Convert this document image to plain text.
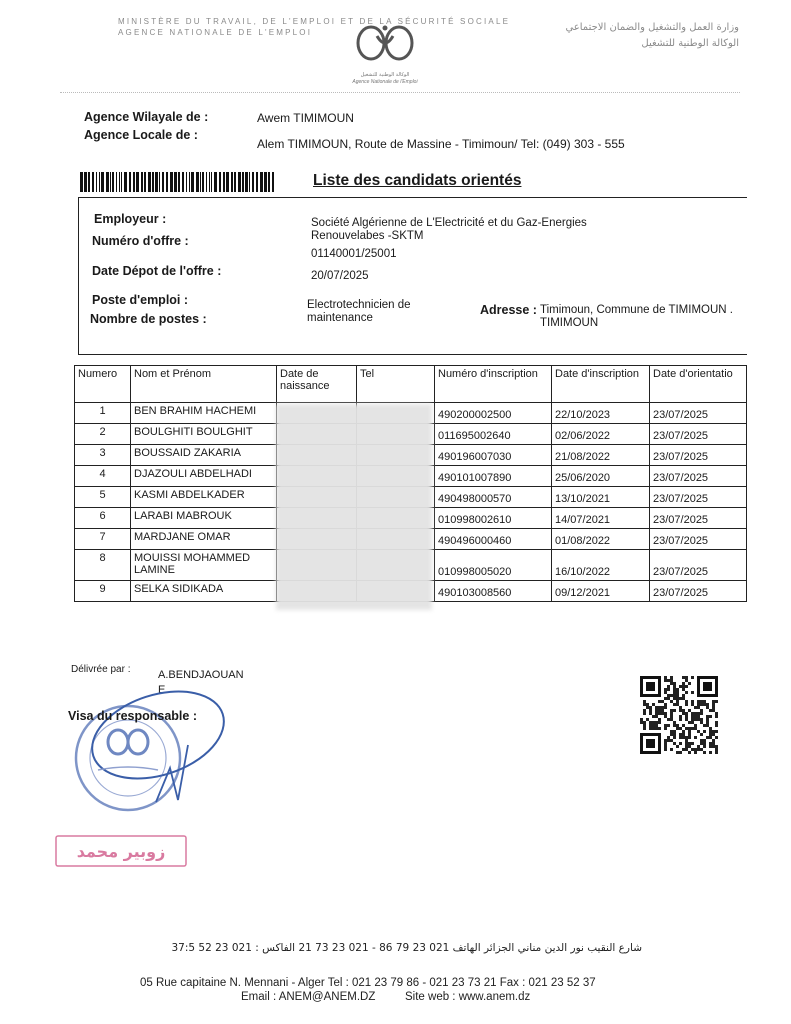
MINISTÈRE DU TRAVAIL, DE L'EMPLOI ET DE LA SÉCURITÉ SOCIALE
AGENCE NATIONALE DE L'EMPLOI
الوكالة الوطنية للتشغيل
Agence Nationale de l'Emploi
وزارة العمل والتشغيل والضمان الاجتماعي
الوكالة الوطنية للتشغيل
Agence Wilayale de :	Awem TIMIMOUN
Agence Locale de :
Alem TIMIMOUN, Route de Massine - Timimoun/ Tel: (049) 303 - 555
Liste des candidats orientés
Employeur :	Société Algérienne de L'Electricité et du Gaz-Energies Renouvelabes -SKTM
Numéro d'offre :
01140001/25001
Date Dépot de l'offre :	20/07/2025
Poste d'emploi :	Electrotechnicien de maintenance
Nombre de postes :
Adresse : Timimoun, Commune de TIMIMOUN . TIMIMOUN
Numero	Nom et Prénom	Date de naissance	Tel	Numéro d'inscription	Date d'inscription	Date d'orientatio
1	BEN BRAHIM HACHEMI			490200002500	22/10/2023	23/07/2025
2	BOULGHITI BOULGHIT			011695002640	02/06/2022	23/07/2025
3	BOUSSAID ZAKARIA			490196007030	21/08/2022	23/07/2025
4	DJAZOULI ABDELHADI			490101007890	25/06/2020	23/07/2025
5	KASMI ABDELKADER			490498000570	13/10/2021	23/07/2025
6	LARABI MABROUK			010998002610	14/07/2021	23/07/2025
7	MARDJANE OMAR			490496000460	01/08/2022	23/07/2025
8	MOUISSI MOHAMMED LAMINE			010998005020	16/10/2022	23/07/2025
9	SELKA SIDIKADA			490103008560	09/12/2021	23/07/2025
Délivrée par :	A.BENDJAOUANE
Visa du responsable :
زوبير محمد
شارع النقيب نور الدين مناني الجزائر الهاتف 021 23 79 86 - 021 23 73 21 الفاكس : 021 23 52 37:5
05 Rue capitaine N. Mennani - Alger Tel : 021 23 79 86 - 021 23 73 21 Fax : 021 23 52 37
Email : ANEM@ANEM.DZ	Site web : www.anem.dz
